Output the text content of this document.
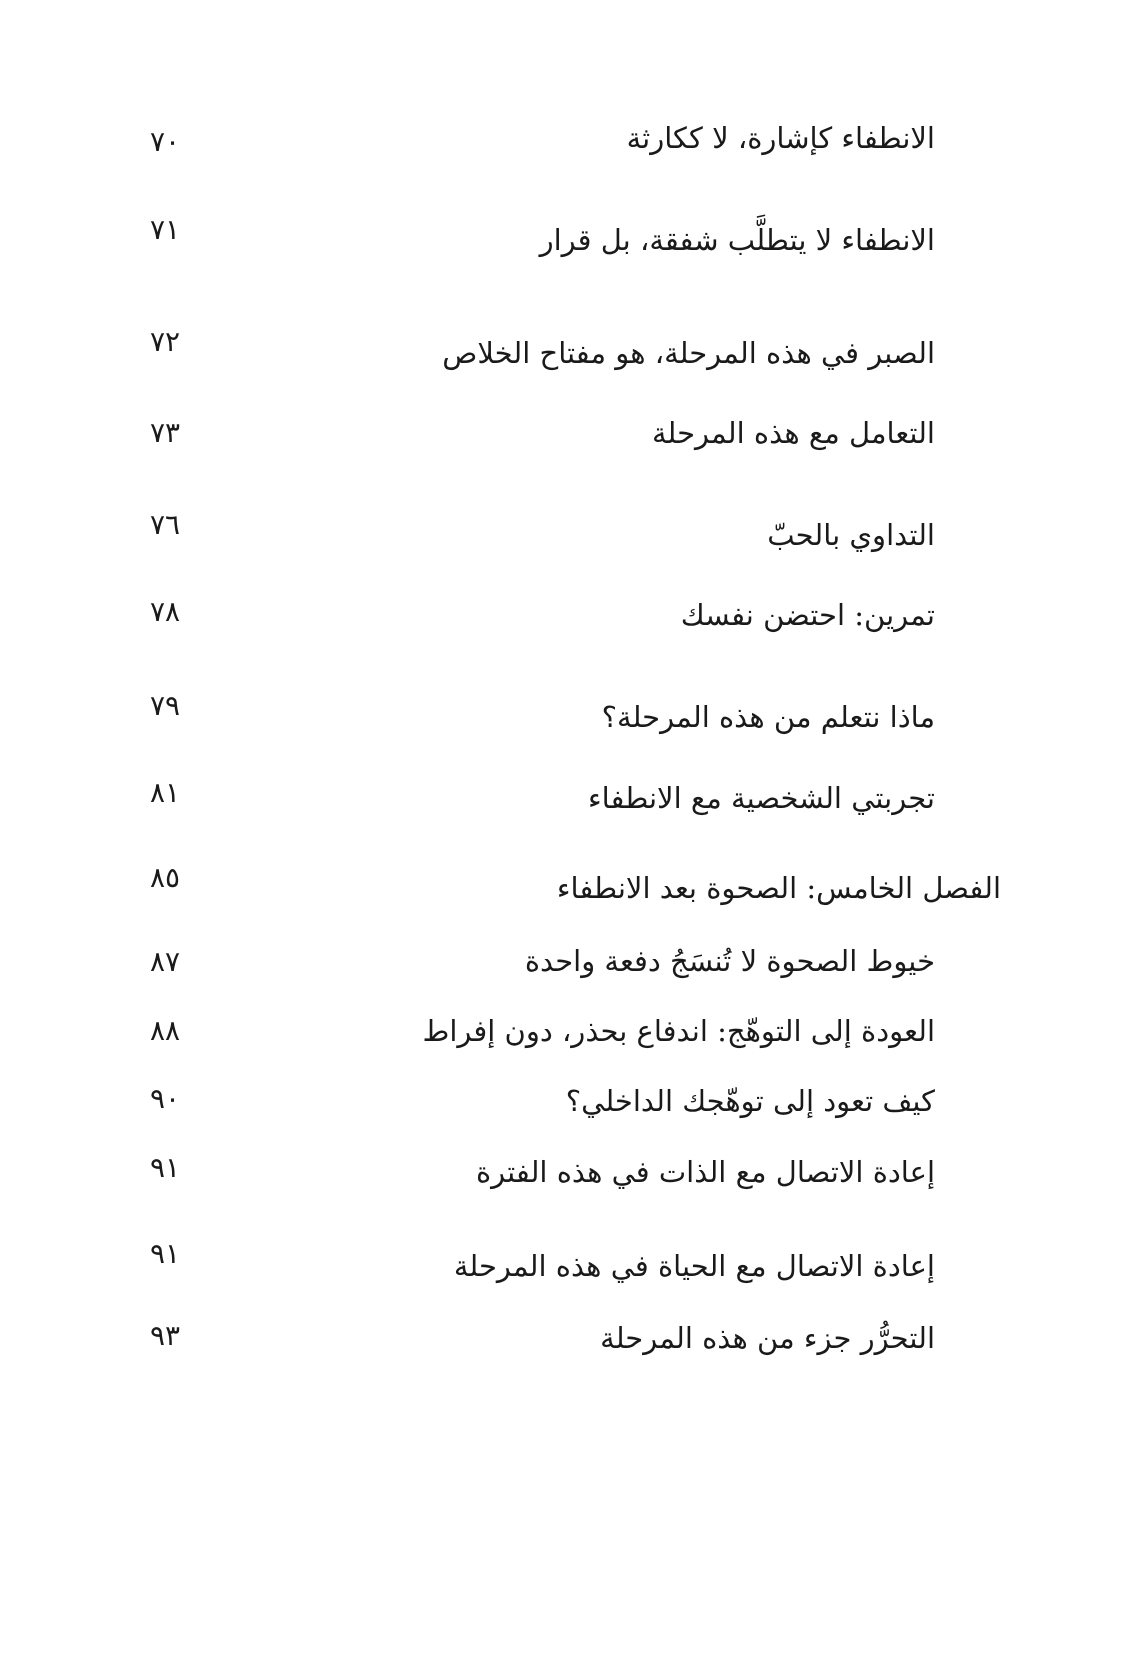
الانطفاء كإشارة، لا ككارثة
٧٠
الانطفاء لا يتطلَّب شفقة، بل قرار
٧١
الصبر في هذه المرحلة، هو مفتاح الخلاص
٧٢
التعامل مع هذه المرحلة
٧٣
التداوي بالحبّ
٧٦
تمرين: احتضن نفسك
٧٨
ماذا نتعلم من هذه المرحلة؟
٧٩
تجربتي الشخصية مع الانطفاء
٨١
الفصل الخامس: الصحوة بعد الانطفاء
٨٥
خيوط الصحوة لا تُنسَجُ دفعة واحدة
٨٧
العودة إلى التوهّج: اندفاع بحذر، دون إفراط
٨٨
كيف تعود إلى توهّجك الداخلي؟
٩٠
إعادة الاتصال مع الذات في هذه الفترة
٩١
إعادة الاتصال مع الحياة في هذه المرحلة
٩١
التحرُّر جزء من هذه المرحلة
٩٣
